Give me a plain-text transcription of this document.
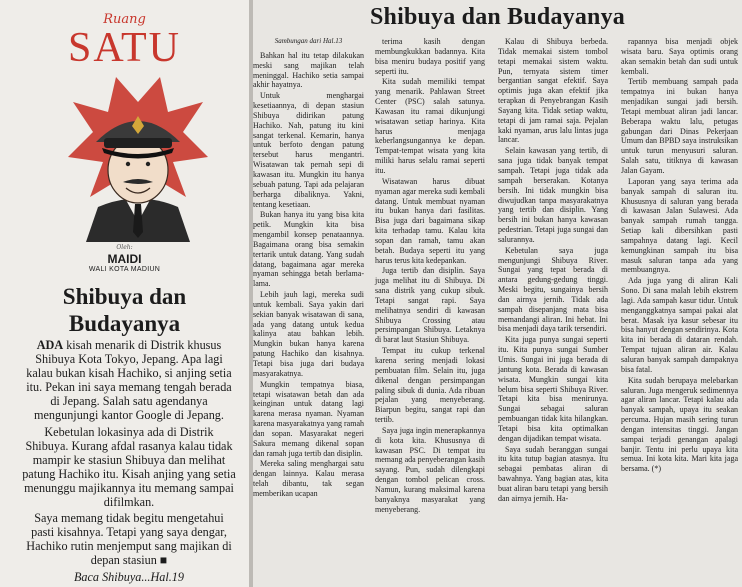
Ruang
SATU
Oleh:
MAIDI
WALI KOTA MADIUN
Shibuya dan
Budayanya

ADA kisah menarik di Distrik khusus Shibuya Kota Tokyo, Jepang. Apa lagi kalau bukan kisah Hachiko, si anjing setia itu. Pekan ini saya memang tengah berada di Jepang. Salah satu agendanya mengunjungi kantor Google di Jepang.

Kebetulan lokasinya ada di Distrik Shibuya. Kurang afdal rasanya kalau tidak mampir ke stasiun Shibuya dan melihat patung Hachiko itu. Kisah anjing yang setia menunggu majikannya itu memang sampai difilmkan.

Saya memang tidak begitu mengetahui pasti kisahnya. Tetapi yang saya dengar, Hachiko rutin menjemput sang majikan di depan stasiun ■

Baca Shibuya...Hal.19

Shibuya dan Budayanya
Sambungan dari Hal.13

Bahkan hal itu tetap dilakukan meski sang majikan telah meninggal. Hachiko setia sampai akhir hayatnya.

Untuk menghargai kesetiaannya, di depan stasiun Shibuya didirikan patung Hachiko. Nah, patung itu kini sangat terkenal. Kemarin, hanya untuk berfoto dengan patung tersebut harus mengantri. Wisatawan tak pernah sepi di kawasan itu. Mungkin itu hanya sebuah patung. Tapi ada pelajaran berharga dibaliknya. Yakni, tentang kesetiaan.

Bukan hanya itu yang bisa kita petik. Mungkin kita bisa mengambil konsep penataannya. Bagaimana orang bisa semakin tertarik untuk datang. Yang sudah datang, bagaimana agar mereka nyaman sehingga betah berlama-lama.

Lebih jauh lagi, mereka sudi untuk kembali. Saya yakin dari sekian banyak wisatawan di sana, ada yang datang untuk kedua kalinya atau bahkan lebih. Mungkin bukan hanya karena patung Hachiko dan kisahnya. Tetapi bisa juga dari budaya masyarakatnya.

Mungkin tempatnya biasa, tetapi wisatawan betah dan ada keinginan untuk datang lagi karena merasa nyaman. Nyaman karena masyarakatnya yang ramah dan sopan. Masyarakat negeri Sakura memang dikenal sopan dan ramah juga tertib dan disiplin.

Mereka saling menghargai satu dengan lainnya. Kalau merasa telah dibantu, tak segan memberikan ucapan

terima kasih dengan membungkukkan badannya. Kita bisa meniru budaya positif yang seperti itu.

Kita sudah memiliki tempat yang menarik. Pahlawan Street Center (PSC) salah satunya. Kawasan itu ramai dikunjungi wisatawan setiap harinya. Kita harus menjaga keberlangsungannya ke depan. Tempat-tempat wisata yang kita miliki harus selalu ramai seperti itu.

Wisatawan harus dibuat nyaman agar mereka sudi kembali datang. Untuk membuat nyaman itu bukan hanya dari fasilitas. Bisa juga dari bagaimana sikap kita terhadap tamu. Kalau kita sopan dan ramah, tamu akan betah. Budaya seperti itu yang harus terus kita kedepankan.

Juga tertib dan disiplin. Saya juga melihat itu di Shibuya. Di sana distrik yang cukup sibuk. Tetapi sangat rapi. Saya melihatnya sendiri di kawasan Shibuya Crossing atau persimpangan Shibuya. Letaknya di barat laut Stasiun Shibuya.

Tempat itu cukup terkenal karena sering menjadi lokasi pembuatan film. Selain itu, juga dikenal dengan persimpangan paling sibuk di dunia. Ada ribuan pejalan yang menyeberang. Biarpun begitu, sangat rapi dan tertib.

Saya juga ingin menerapkannya di kota kita. Khususnya di kawasan PSC. Di tempat itu memang ada penyeberangan kasih sayang. Pun, sudah dilengkapi dengan tombol pelican cross. Namun, kurang maksimal karena banyaknya masyarakat yang menyeberang.

Kalau di Shibuya berbeda. Tidak memakai sistem tombol tetapi memakai sistem waktu. Pun, ternyata sistem timer bergantian sangat efektif. Saya optimis juga akan efektif jika terapkan di Penyebrangan Kasih Sayang kita. Tidak setiap waktu, tetapi di jam ramai saja. Pejalan kaki nyaman, arus lalu lintas juga lancar.

Selain kawasan yang tertib, di sana juga tidak banyak tempat sampah. Tetapi juga tidak ada sampah berserakan. Kotanya bersih. Ini tidak mungkin bisa diwujudkan tanpa masyarakatnya yang tertib dan disiplin. Yang bersih ini bukan hanya kawasan pedestrian. Tetapi juga sungai dan salurannya.

Kebetulan saya juga mengunjungi Shibuya River. Sungai yang tepat berada di antara gedung-gedung tinggi. Meski begitu, sungainya bersih dan airnya jernih. Tidak ada sampah disepanjang mata bisa memandangi aliran. Ini hebat. Ini bisa menjadi daya tarik tersendiri.

Kita juga punya sungai seperti itu. Kita punya sungai Sumber Umis. Sungai ini juga berada di jantung kota. Berada di kawasan wisata. Mungkin sungai kita belum bisa seperti Shibuya River. Tetapi kita bisa menirunya. Sungai sebagai saluran pembuangan tidak kita hilangkan. Tetapi bisa kita optimalkan dengan dijadikan tempat wisata.

Saya sudah beranggan sungai itu kita tutup bagian atasnya. Itu sebagai pembatas aliran di bawahnya. Yang bagian atas, kita buat aliran baru tetapi yang bersih dan airnya jernih. Ha-

rapannya bisa menjadi objek wisata baru. Saya optimis orang akan semakin betah dan sudi untuk kembali.

Tertib membuang sampah pada tempatnya ini bukan hanya menjadikan sungai jadi bersih. Tetapi membuat aliran jadi lancar. Beberapa waktu lalu, petugas gabungan dari Dinas Pekerjaan Umum dan BPBD saya instruksikan untuk turun menyusuri saluran. Salah satu, titiknya di kawasan Jalan Gayam.

Laporan yang saya terima ada banyak sampah di saluran itu. Khususnya di saluran yang berada di kawasan Jalan Sulawesi. Ada banyak sampah rumah tangga. Setiap kali dibersihkan pasti sampahnya datang lagi. Kecil kemungkinan sampah itu bisa masuk saluran tanpa ada yang membuangnya.

Ada juga yang di aliran Kali Sono. Di sana malah lebih ekstrem lagi. Ada sampah kasur tidur. Untuk menganggkatnya sampai pakai alat berat. Masak iya kasur sebesar itu bisa hanyut dengan sendirinya. Kota kita ini berada di dataran rendah. Tempat tujuan aliran air. Kalau saluran banyak sampah dampaknya bisa fatal.

Kita sudah berupaya melebarkan saluran. Juga mengeruk sedimennya agar aliran lancar. Tetapi kalau ada banyak sampah, upaya itu seakan percuma. Hujan masih sering turun dengan intensitas tinggi. Jangan sampai terjadi genangan apalagi banjir. Tentu ini perlu upaya kita semua. Ini kota kita. Mari kita jaga bersama. (*)
